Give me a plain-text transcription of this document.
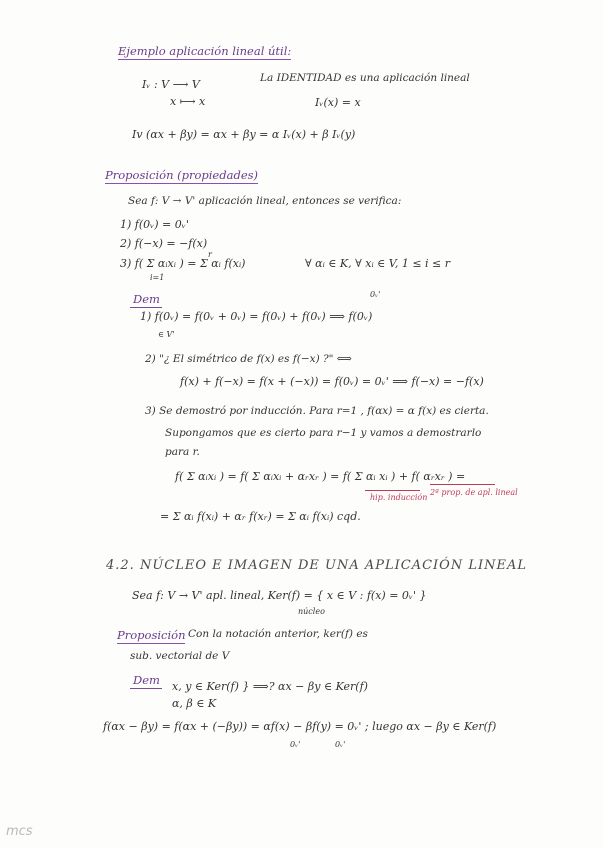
Ejemplo aplicación lineal útil:
Iᵥ : V ⟶ V
x ⟼ x
La IDENTIDAD es una aplicación lineal
Iᵥ(x) = x
Iv (αx + βy) = αx + βy = α Iᵥ(x) + β Iᵥ(y)
Proposición (propiedades)
Sea f: V → V' aplicación lineal, entonces se verifica:
1) f(0ᵥ) = 0ᵥ'
2) f(−x) = −f(x)
3) f( Σ αᵢxᵢ ) = Σ αᵢ f(xᵢ)
i=1
r
∀ αᵢ ∈ K, ∀ xᵢ ∈ V, 1 ≤ i ≤ r
Dem
1) f(0ᵥ) = f(0ᵥ + 0ᵥ) = f(0ᵥ) + f(0ᵥ) ⟹ f(0ᵥ)
0ᵥ'
∈ V'
2) "¿ El simétrico de f(x) es f(−x) ?" ⟺
f(x) + f(−x) = f(x + (−x)) = f(0ᵥ) = 0ᵥ' ⟹ f(−x) = −f(x)
3) Se demostró por inducción. Para r=1 , f(αx) = α f(x) es cierta.
Supongamos que es cierto para r−1 y vamos a demostrarlo
para r.
f( Σ αᵢxᵢ ) = f( Σ αᵢxᵢ + αᵣxᵣ ) = f( Σ αᵢ xᵢ ) + f( αᵣxᵣ ) =
hip. inducción
2ª prop. de apl. lineal
= Σ αᵢ f(xᵢ) + αᵣ f(xᵣ) = Σ αᵢ f(xᵢ) cqd.
4.2. NÚCLEO E IMAGEN DE UNA APLICACIÓN LINEAL
Sea f: V → V' apl. lineal, Ker(f) = { x ∈ V : f(x) = 0ᵥ' }
núcleo
Proposición Con la notación anterior, ker(f) es
sub. vectorial de V
Dem x, y ∈ Ker(f) } ⟹? αx − βy ∈ Ker(f)
α, β ∈ K
f(αx − βy) = f(αx + (−βy)) = αf(x) − βf(y) = 0ᵥ' ; luego αx − βy ∈ Ker(f)
0ᵥ'	0ᵥ'
mcs
